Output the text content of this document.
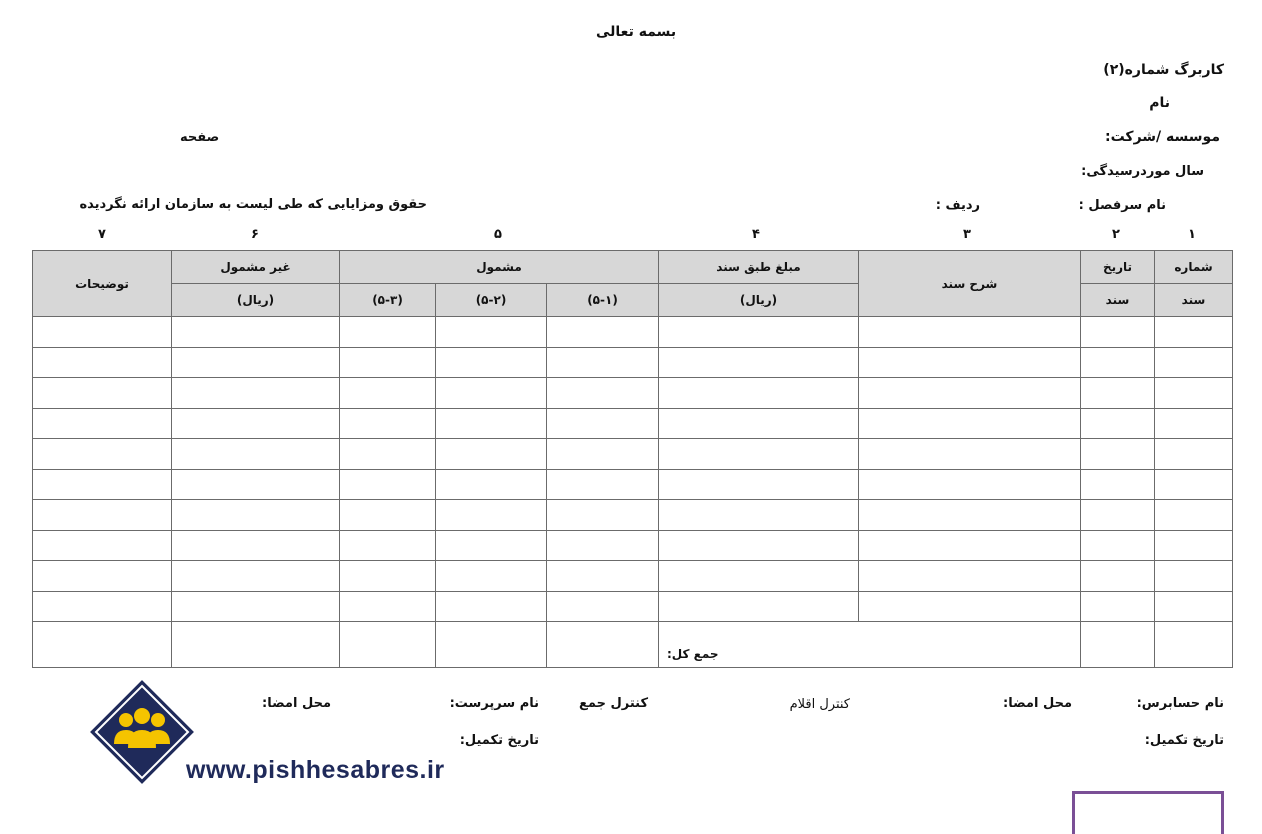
بسمه تعالی
کاربرگ شماره(۲)
نام
موسسه /شرکت:
سال موردرسیدگی:
نام سرفصل :
ردیف :
صفحه
حقوق ومزایایی که طی لیست به سازمان ارائه نگردیده
۱
۲
۳
۴
۵
۶
۷
شماره	تاریخ	شرح سند	مبلغ طبق سند	مشمول			غیر مشمول	توضیحات
سند	سند		(ریال)	(۵-۱)	(۵-۲)	(۵-۳)	(ریال)	

		جمع کل:						
نام حسابرس:
محل امضا:
کنترل اقلام
کنترل جمع
نام سرپرست:
محل امضا:
تاریخ تکمیل:
تاریخ تکمیل:
www.pishhesabres.ir
